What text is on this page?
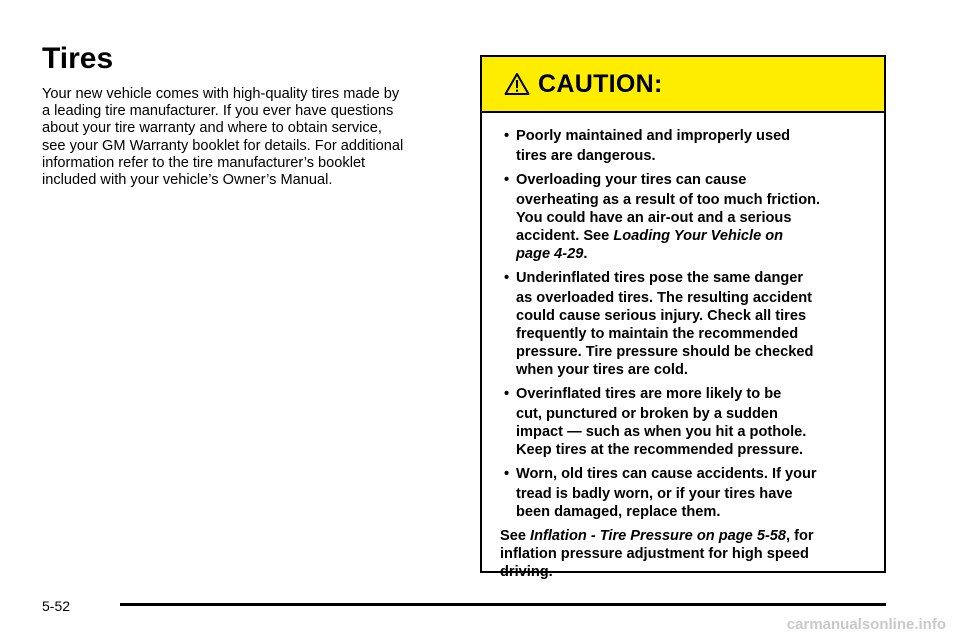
Tires
Your new vehicle comes with high-quality tires made by
a leading tire manufacturer. If you ever have questions
about your tire warranty and where to obtain service,
see your GM Warranty booklet for details. For additional
information refer to the tire manufacturer’s booklet
included with your vehicle’s Owner’s Manual.
CAUTION:
• Poorly maintained and improperly used
tires are dangerous.
• Overloading your tires can cause
overheating as a result of too much friction.
You could have an air-out and a serious
accident. See Loading Your Vehicle on
page 4-29.
• Underinflated tires pose the same danger
as overloaded tires. The resulting accident
could cause serious injury. Check all tires
frequently to maintain the recommended
pressure. Tire pressure should be checked
when your tires are cold.
• Overinflated tires are more likely to be
cut, punctured or broken by a sudden
impact — such as when you hit a pothole.
Keep tires at the recommended pressure.
• Worn, old tires can cause accidents. If your
tread is badly worn, or if your tires have
been damaged, replace them.
See Inflation - Tire Pressure on page 5-58, for
inflation pressure adjustment for high speed
driving.
5-52
carmanualsonline.info
